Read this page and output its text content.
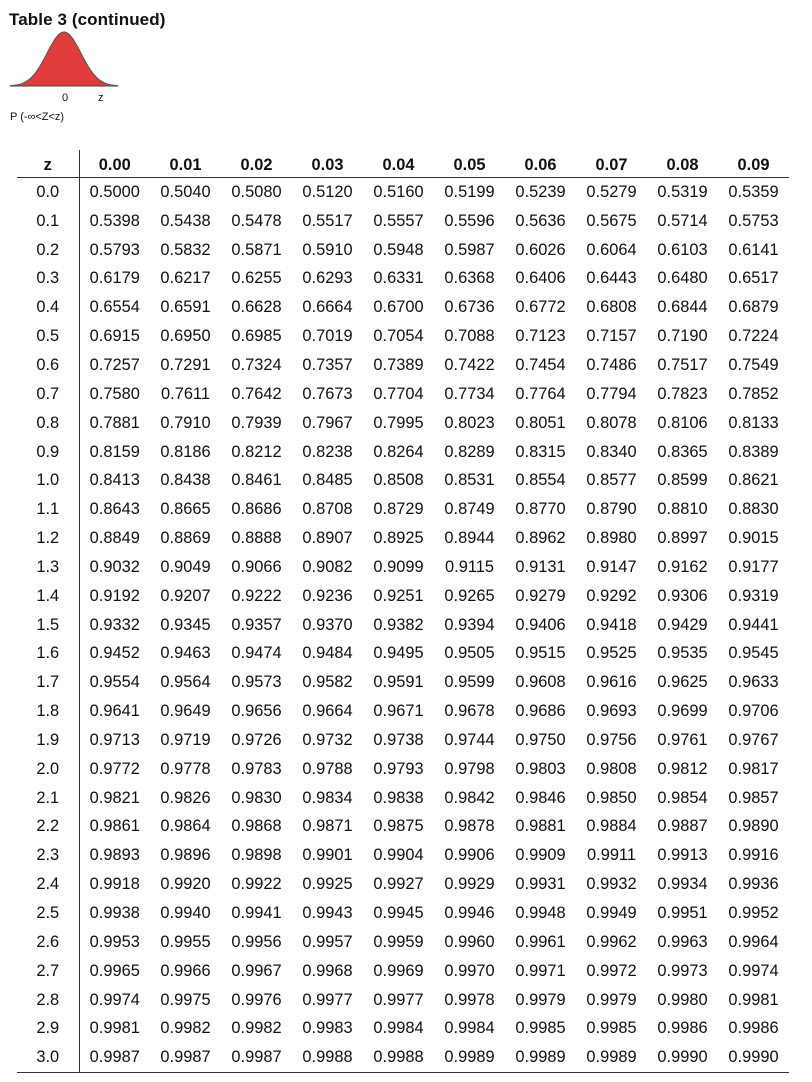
Table 3 (continued)
0	z
P (-∞<Z<z)
z	0.00	0.01	0.02	0.03	0.04	0.05	0.06	0.07	0.08	0.09
0.0	0.5000	0.5040	0.5080	0.5120	0.5160	0.5199	0.5239	0.5279	0.5319	0.5359
0.1	0.5398	0.5438	0.5478	0.5517	0.5557	0.5596	0.5636	0.5675	0.5714	0.5753
0.2	0.5793	0.5832	0.5871	0.5910	0.5948	0.5987	0.6026	0.6064	0.6103	0.6141
0.3	0.6179	0.6217	0.6255	0.6293	0.6331	0.6368	0.6406	0.6443	0.6480	0.6517
0.4	0.6554	0.6591	0.6628	0.6664	0.6700	0.6736	0.6772	0.6808	0.6844	0.6879
0.5	0.6915	0.6950	0.6985	0.7019	0.7054	0.7088	0.7123	0.7157	0.7190	0.7224
0.6	0.7257	0.7291	0.7324	0.7357	0.7389	0.7422	0.7454	0.7486	0.7517	0.7549
0.7	0.7580	0.7611	0.7642	0.7673	0.7704	0.7734	0.7764	0.7794	0.7823	0.7852
0.8	0.7881	0.7910	0.7939	0.7967	0.7995	0.8023	0.8051	0.8078	0.8106	0.8133
0.9	0.8159	0.8186	0.8212	0.8238	0.8264	0.8289	0.8315	0.8340	0.8365	0.8389
1.0	0.8413	0.8438	0.8461	0.8485	0.8508	0.8531	0.8554	0.8577	0.8599	0.8621
1.1	0.8643	0.8665	0.8686	0.8708	0.8729	0.8749	0.8770	0.8790	0.8810	0.8830
1.2	0.8849	0.8869	0.8888	0.8907	0.8925	0.8944	0.8962	0.8980	0.8997	0.9015
1.3	0.9032	0.9049	0.9066	0.9082	0.9099	0.9115	0.9131	0.9147	0.9162	0.9177
1.4	0.9192	0.9207	0.9222	0.9236	0.9251	0.9265	0.9279	0.9292	0.9306	0.9319
1.5	0.9332	0.9345	0.9357	0.9370	0.9382	0.9394	0.9406	0.9418	0.9429	0.9441
1.6	0.9452	0.9463	0.9474	0.9484	0.9495	0.9505	0.9515	0.9525	0.9535	0.9545
1.7	0.9554	0.9564	0.9573	0.9582	0.9591	0.9599	0.9608	0.9616	0.9625	0.9633
1.8	0.9641	0.9649	0.9656	0.9664	0.9671	0.9678	0.9686	0.9693	0.9699	0.9706
1.9	0.9713	0.9719	0.9726	0.9732	0.9738	0.9744	0.9750	0.9756	0.9761	0.9767
2.0	0.9772	0.9778	0.9783	0.9788	0.9793	0.9798	0.9803	0.9808	0.9812	0.9817
2.1	0.9821	0.9826	0.9830	0.9834	0.9838	0.9842	0.9846	0.9850	0.9854	0.9857
2.2	0.9861	0.9864	0.9868	0.9871	0.9875	0.9878	0.9881	0.9884	0.9887	0.9890
2.3	0.9893	0.9896	0.9898	0.9901	0.9904	0.9906	0.9909	0.9911	0.9913	0.9916
2.4	0.9918	0.9920	0.9922	0.9925	0.9927	0.9929	0.9931	0.9932	0.9934	0.9936
2.5	0.9938	0.9940	0.9941	0.9943	0.9945	0.9946	0.9948	0.9949	0.9951	0.9952
2.6	0.9953	0.9955	0.9956	0.9957	0.9959	0.9960	0.9961	0.9962	0.9963	0.9964
2.7	0.9965	0.9966	0.9967	0.9968	0.9969	0.9970	0.9971	0.9972	0.9973	0.9974
2.8	0.9974	0.9975	0.9976	0.9977	0.9977	0.9978	0.9979	0.9979	0.9980	0.9981
2.9	0.9981	0.9982	0.9982	0.9983	0.9984	0.9984	0.9985	0.9985	0.9986	0.9986
3.0	0.9987	0.9987	0.9987	0.9988	0.9988	0.9989	0.9989	0.9989	0.9990	0.9990
